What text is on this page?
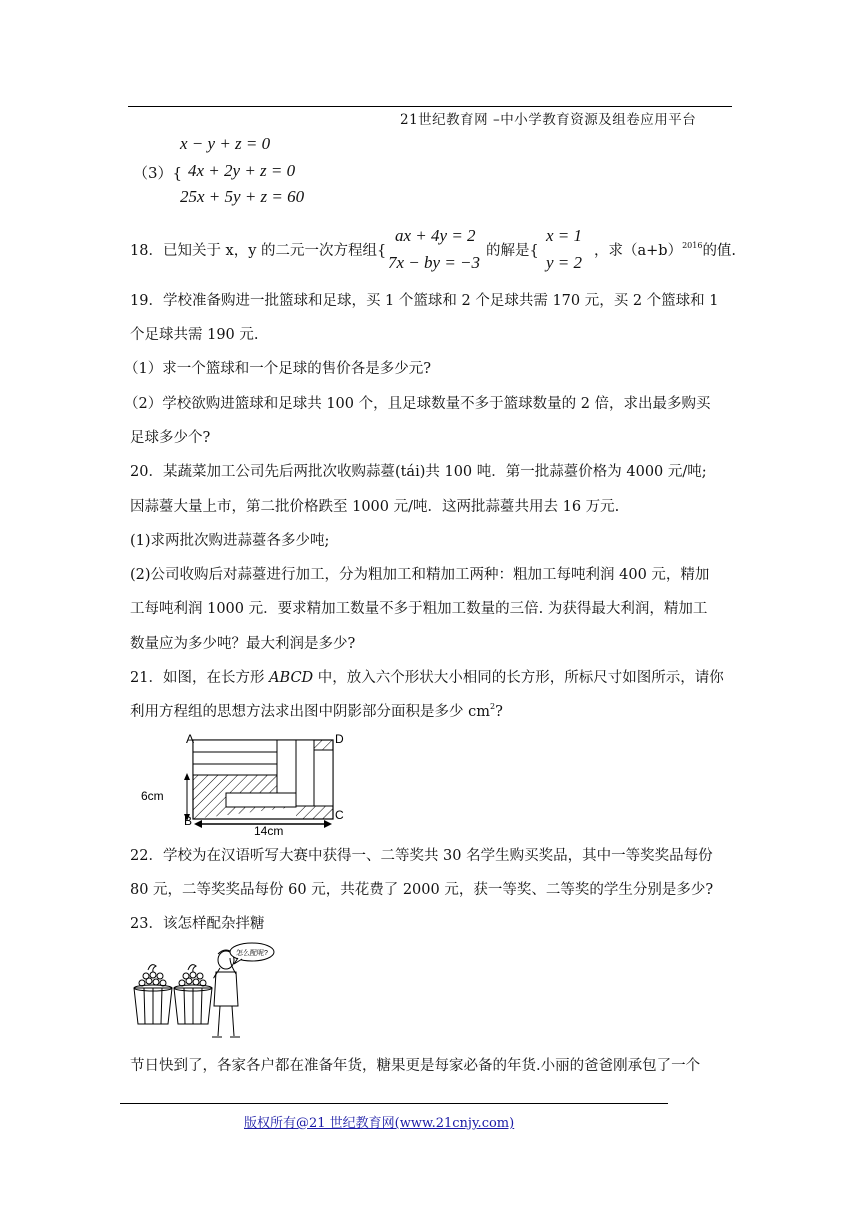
21世纪教育网 –中小学教育资源及组卷应用平台
x − y + z = 0
（3）{ 4x + 2y + z = 0
25x + 5y + z = 60
18．已知关于 x，y 的二元一次方程组{
ax + 4y = 2
7x − by = −3
的解是{
x = 1
y = 2
，求$(a+b)^{2016}$的值.
19．学校准备购进一批篮球和足球，买 1 个篮球和 2 个足球共需 170 元，买 2 个篮球和 1
个足球共需 190 元.
（1）求一个篮球和一个足球的售价各是多少元?
（2）学校欲购进篮球和足球共 100 个，且足球数量不多于篮球数量的 2 倍，求出最多购买
足球多少个?
20．某蔬菜加工公司先后两批次收购蒜薹(tái)共 100 吨．第一批蒜薹价格为 4000 元/吨;
因蒜薹大量上市，第二批价格跌至 1000 元/吨．这两批蒜薹共用去 16 万元.
(1)求两批次购进蒜薹各多少吨;
(2)公司收购后对蒜薹进行加工，分为粗加工和精加工两种：粗加工每吨利润 400 元，精加
工每吨利润 1000 元．要求精加工数量不多于粗加工数量的三倍. 为获得最大利润，精加工
数量应为多少吨？最大利润是多少?
21．如图，在长方形 ABCD 中，放入六个形状大小相同的长方形，所标尺寸如图所示，请你
利用方程组的思想方法求出图中阴影部分面积是多少 $cm^2$?
A	D
B	C
6cm
14cm
22．学校为在汉语听写大赛中获得一、二等奖共 30 名学生购买奖品，其中一等奖奖品每份
80 元，二等奖奖品每份 60 元，共花费了 2000 元，获一等奖、二等奖的学生分别是多少?
23．该怎样配杂拌糖
怎么配呢?
节日快到了，各家各户都在准备年货，糖果更是每家必备的年货.小丽的爸爸刚承包了一个
版权所有@21 世纪教育网(www.21cnjy.com)
